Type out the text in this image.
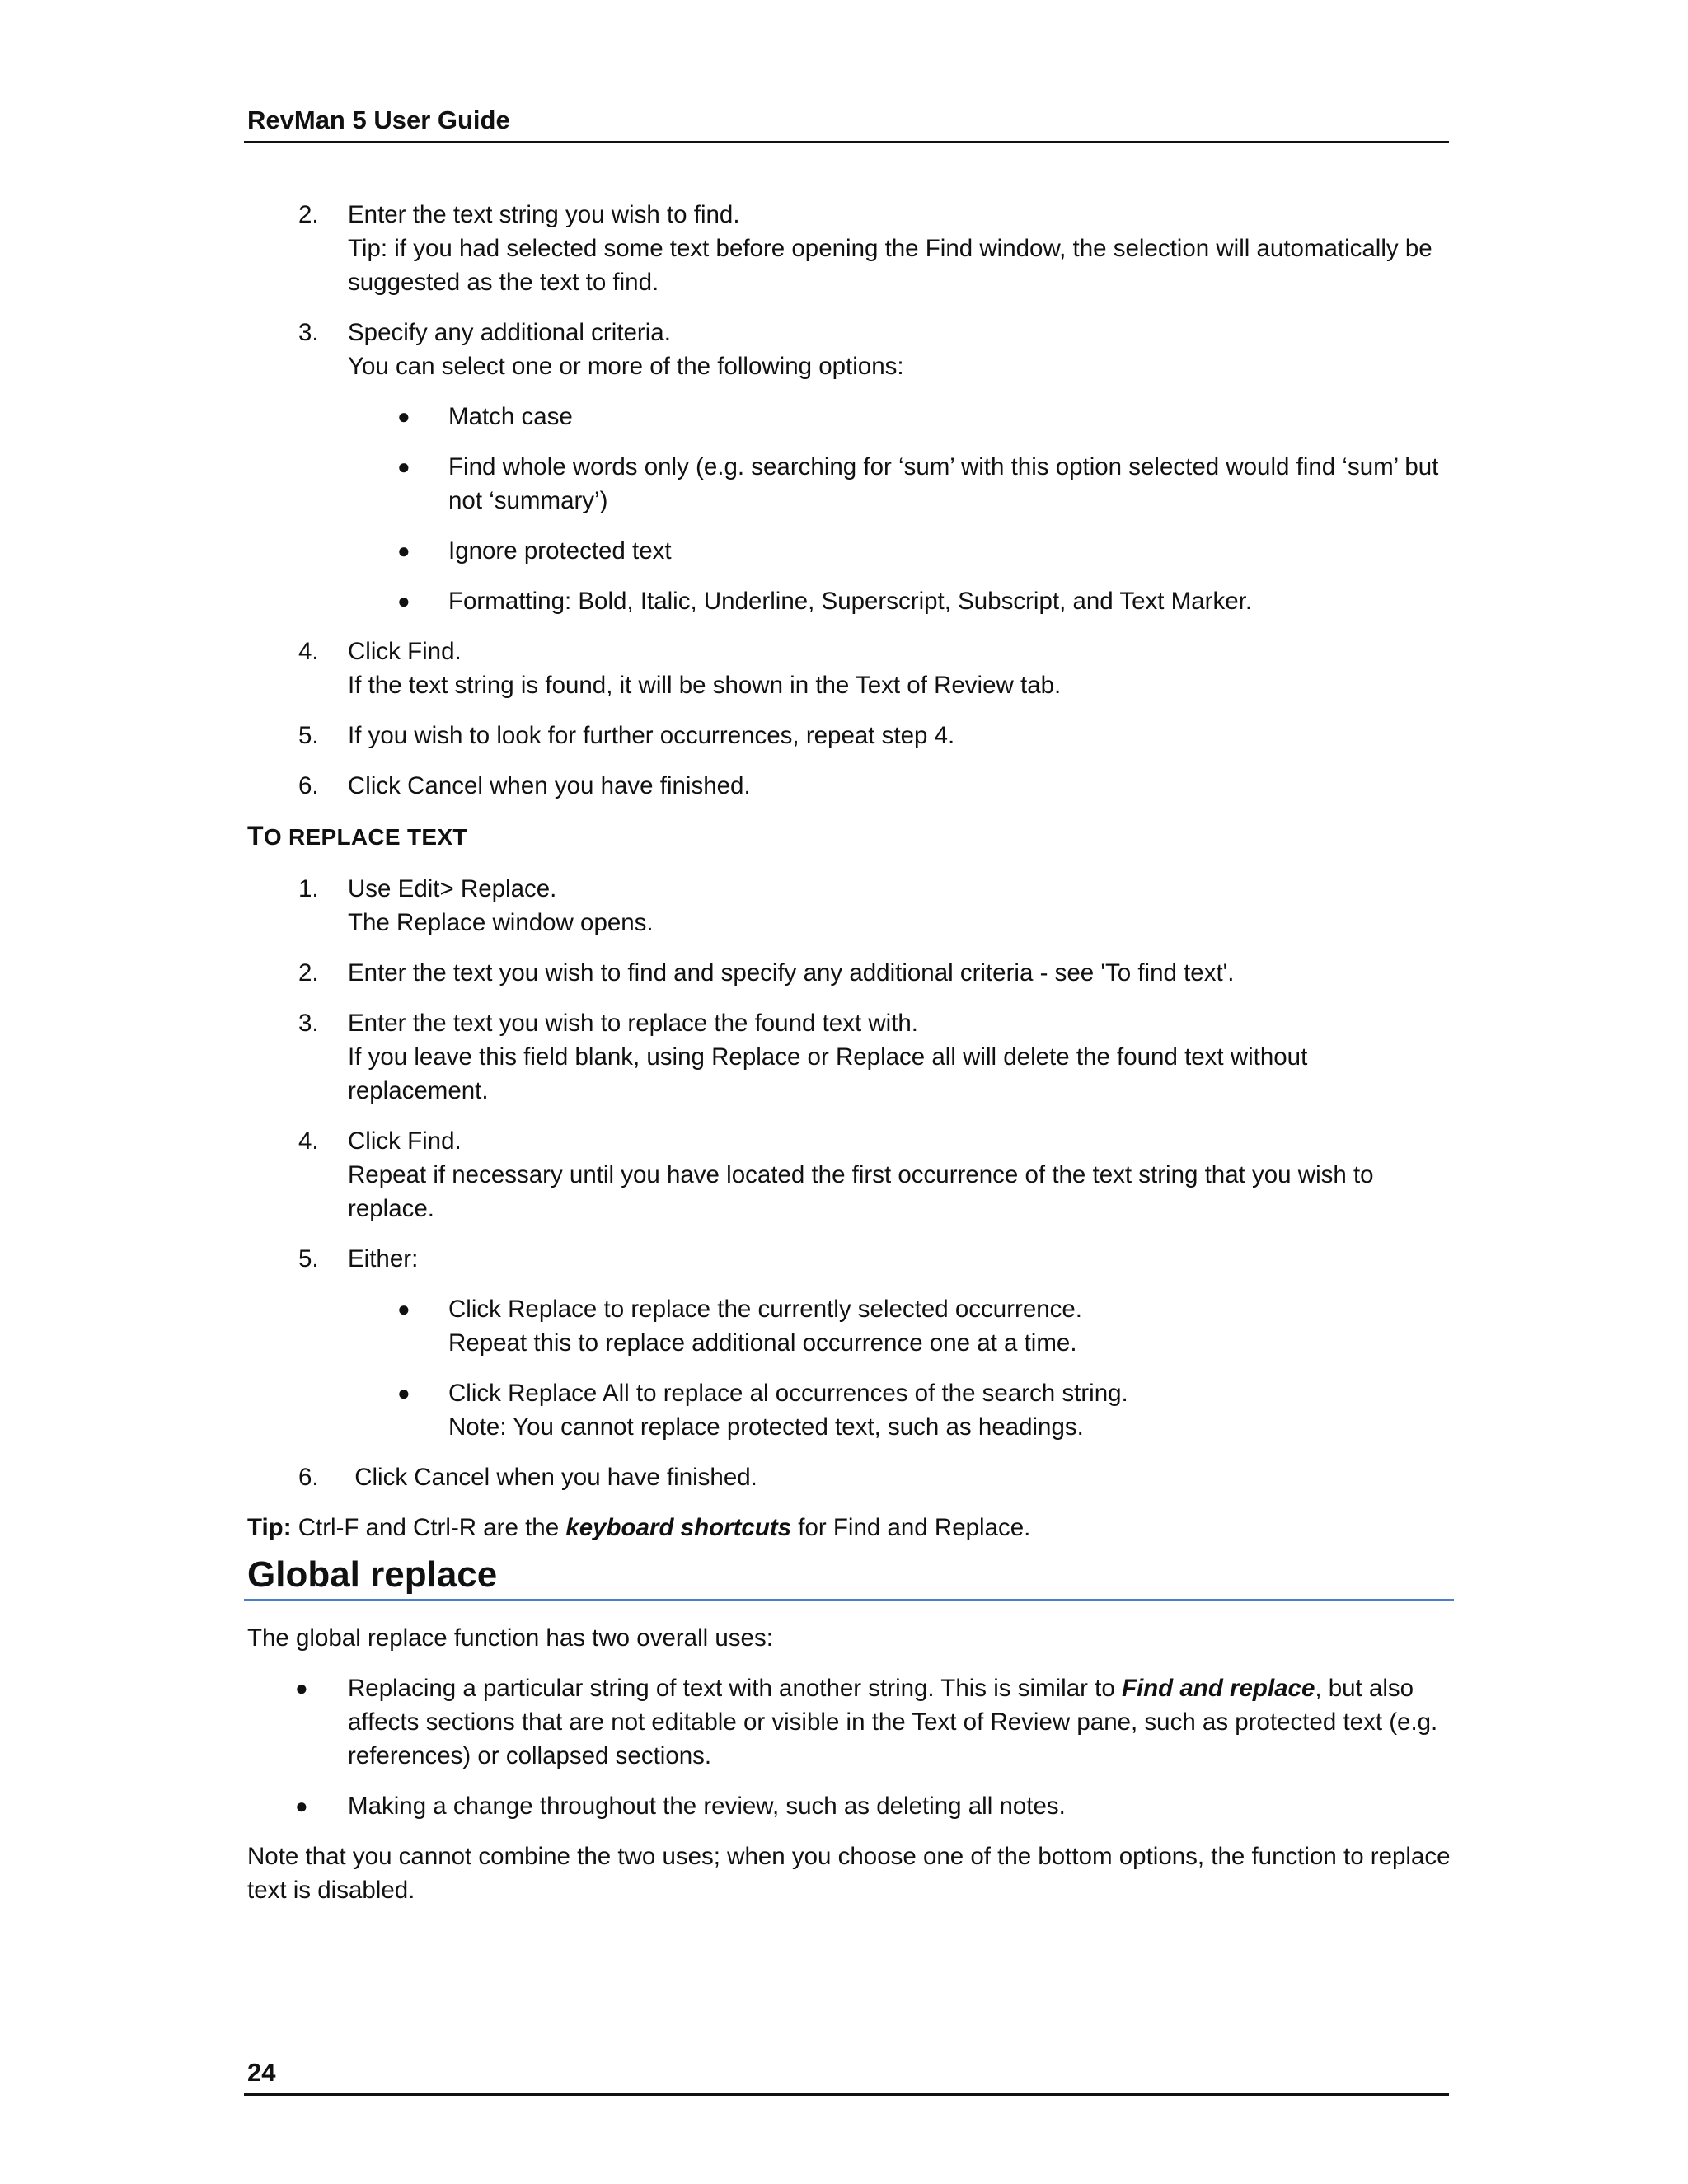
RevMan 5 User Guide
2. Enter the text string you wish to find.

Tip: if you had selected some text before opening the Find window, the selection will automatically be suggested as the text to find.

3. Specify any additional criteria.

You can select one or more of the following options:

● Match case

● Find whole words only (e.g. searching for ‘sum’ with this option selected would find ‘sum’ but not ‘summary’)

● Ignore protected text

● Formatting: Bold, Italic, Underline, Superscript, Subscript, and Text Marker.

4. Click Find.

If the text string is found, it will be shown in the Text of Review tab.

5. If you wish to look for further occurrences, repeat step 4.

6. Click Cancel when you have finished.

TO REPLACE TEXT
1. Use Edit> Replace.

The Replace window opens.

2. Enter the text you wish to find and specify any additional criteria - see 'To find text'.

3. Enter the text you wish to replace the found text with.

If you leave this field blank, using Replace or Replace all will delete the found text without replacement.

4. Click Find.

Repeat if necessary until you have located the first occurrence of the text string that you wish to replace.

5. Either:

● Click Replace to replace the currently selected occurrence.

Repeat this to replace additional occurrence one at a time.

● Click Replace All to replace al occurrences of the search string.

Note: You cannot replace protected text, such as headings.

6. Click Cancel when you have finished.

Tip: Ctrl-F and Ctrl-R are the keyboard shortcuts for Find and Replace.

Global replace

The global replace function has two overall uses:

● Replacing a particular string of text with another string. This is similar to Find and replace, but also affects sections that are not editable or visible in the Text of Review pane, such as protected text (e.g. references) or collapsed sections.

● Making a change throughout the review, such as deleting all notes.

Note that you cannot combine the two uses; when you choose one of the bottom options, the function to replace text is disabled.

24
